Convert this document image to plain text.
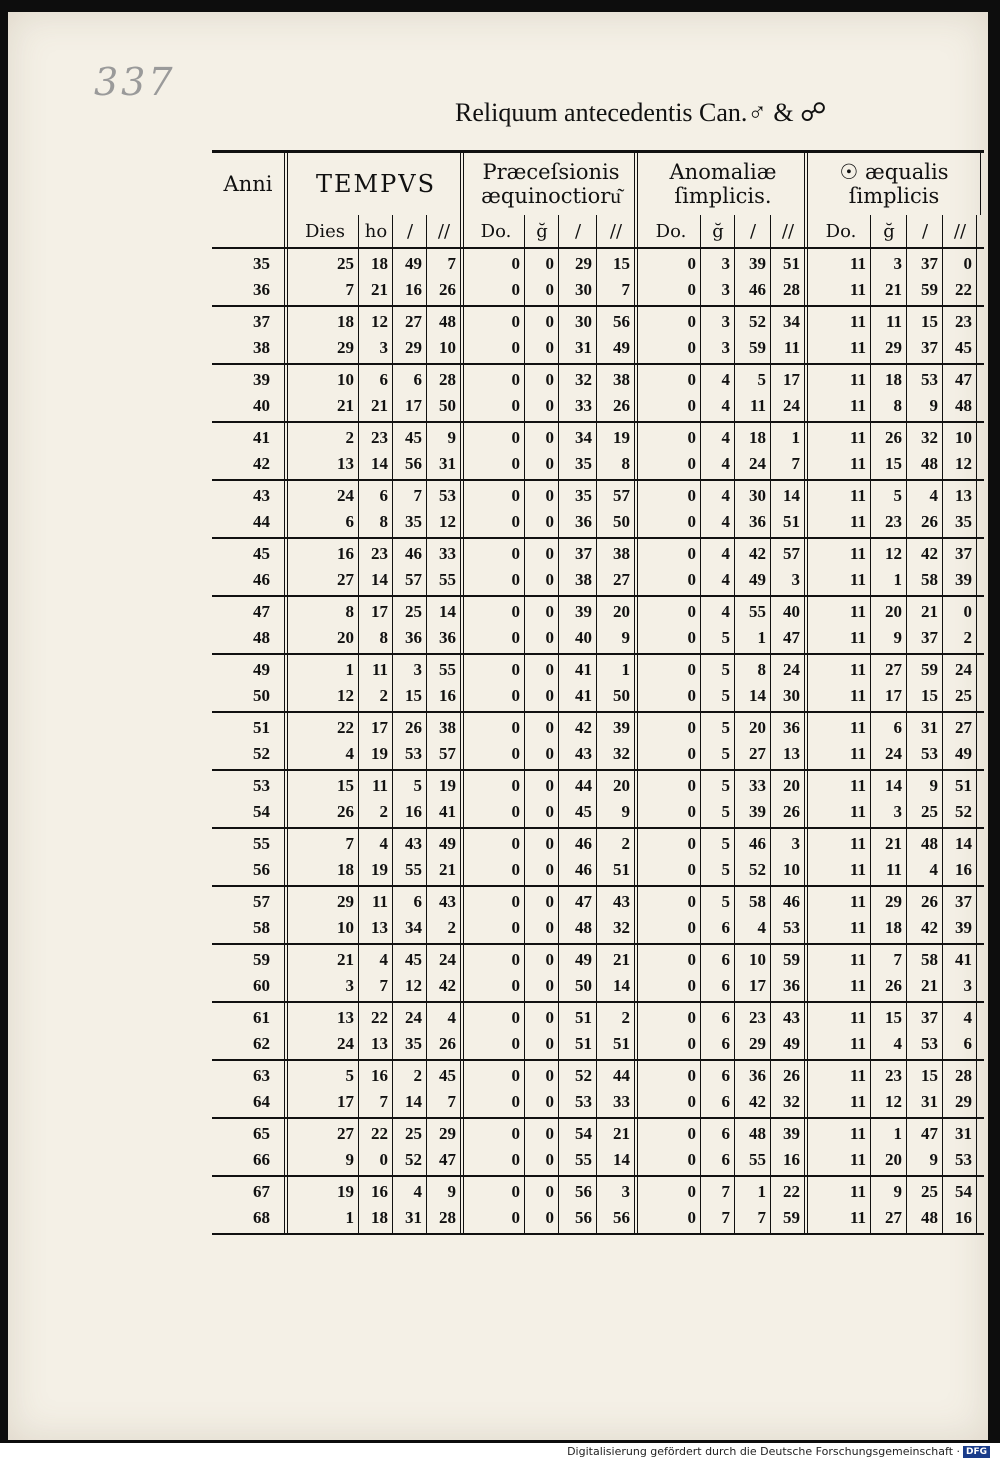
337
Reliquum antecedentis Can.♂ & ☍
Anni TEMPVS Præceſsionis
æquinoctioru͂
Anomaliæ
ſimplicis.
☉ æqualis
ſimplicis
Dies	ho	/	//	Do.	ğ	/	//	Do.	ğ	/	//	Do.	ğ	/	//
35	25	18	49	7	0	0	29	15	0	3	39	51	11	3	37	0
36	7	21	16	26	0	0	30	7	0	3	46	28	11	21	59	22
37	18	12	27	48	0	0	30	56	0	3	52	34	11	11	15	23
38	29	3	29	10	0	0	31	49	0	3	59	11	11	29	37	45
39	10	6	6	28	0	0	32	38	0	4	5	17	11	18	53	47
40	21	21	17	50	0	0	33	26	0	4	11	24	11	8	9	48
41	2	23	45	9	0	0	34	19	0	4	18	1	11	26	32	10
42	13	14	56	31	0	0	35	8	0	4	24	7	11	15	48	12
43	24	6	7	53	0	0	35	57	0	4	30	14	11	5	4	13
44	6	8	35	12	0	0	36	50	0	4	36	51	11	23	26	35
45	16	23	46	33	0	0	37	38	0	4	42	57	11	12	42	37
46	27	14	57	55	0	0	38	27	0	4	49	3	11	1	58	39
47	8	17	25	14	0	0	39	20	0	4	55	40	11	20	21	0
48	20	8	36	36	0	0	40	9	0	5	1	47	11	9	37	2
49	1	11	3	55	0	0	41	1	0	5	8	24	11	27	59	24
50	12	2	15	16	0	0	41	50	0	5	14	30	11	17	15	25
51	22	17	26	38	0	0	42	39	0	5	20	36	11	6	31	27
52	4	19	53	57	0	0	43	32	0	5	27	13	11	24	53	49
53	15	11	5	19	0	0	44	20	0	5	33	20	11	14	9	51
54	26	2	16	41	0	0	45	9	0	5	39	26	11	3	25	52
55	7	4	43	49	0	0	46	2	0	5	46	3	11	21	48	14
56	18	19	55	21	0	0	46	51	0	5	52	10	11	11	4	16
57	29	11	6	43	0	0	47	43	0	5	58	46	11	29	26	37
58	10	13	34	2	0	0	48	32	0	6	4	53	11	18	42	39
59	21	4	45	24	0	0	49	21	0	6	10	59	11	7	58	41
60	3	7	12	42	0	0	50	14	0	6	17	36	11	26	21	3
61	13	22	24	4	0	0	51	2	0	6	23	43	11	15	37	4
62	24	13	35	26	0	0	51	51	0	6	29	49	11	4	53	6
63	5	16	2	45	0	0	52	44	0	6	36	26	11	23	15	28
64	17	7	14	7	0	0	53	33	0	6	42	32	11	12	31	29
65	27	22	25	29	0	0	54	21	0	6	48	39	11	1	47	31
66	9	0	52	47	0	0	55	14	0	6	55	16	11	20	9	53
67	19	16	4	9	0	0	56	3	0	7	1	22	11	9	25	54
68	1	18	31	28	0	0	56	56	0	7	7	59	11	27	48	16
Digitalisierung gefördert durch die Deutsche Forschungsgemeinschaft · DFG
